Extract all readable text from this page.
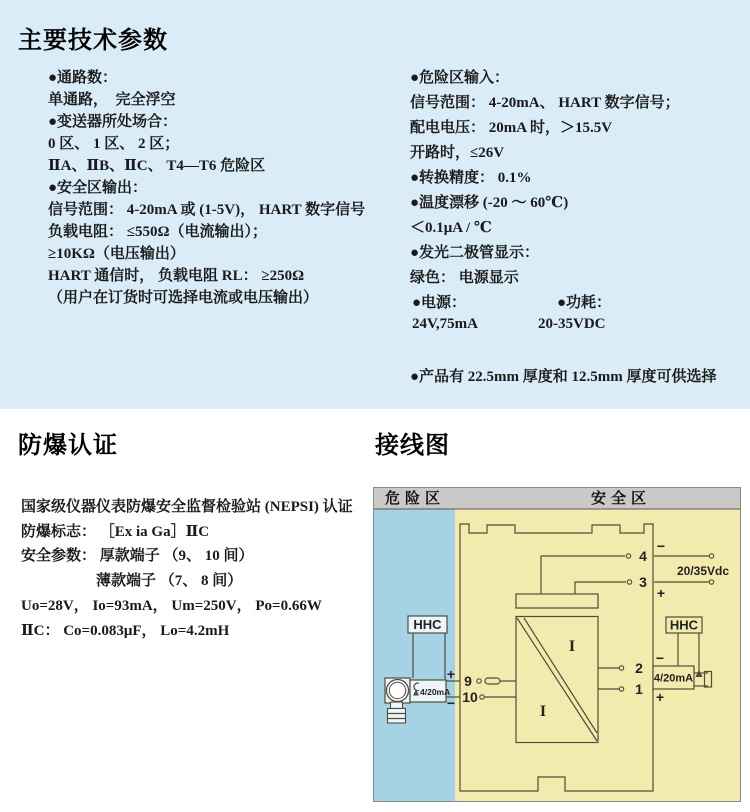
主要技术参数
●通路数：
单通路，  完全浮空
●变送器所处场合：
0 区、 1 区、 2 区；
ⅡA、ⅡB、ⅡC、 T4—T6 危险区
●安全区输出：
信号范围： 4-20mA 或 (1-5V)， HART 数字信号
负载电阻： ≤550Ω（电流输出）；
≥10KΩ（电压输出）
HART 通信时， 负载电阻 RL： ≥250Ω
（用户在订货时可选择电流或电压输出）
●危险区输入：
信号范围： 4-20mA、 HART 数字信号；
配电电压： 20mA 时，＞15.5V
开路时，≤26V
●转换精度： 0.1%
●温度漂移 (-20 ～ 60℃)
＜0.1μA / ℃
●发光二极管显示：
绿色： 电源显示
●电源：	●功耗：
24V,75mA	20-35VDC
●产品有 22.5mm 厚度和 12.5mm 厚度可供选择
防爆认证	接线图
国家级仪器仪表防爆安全监督检验站 (NEPSI) 认证
防爆标志： ［Ex ia Ga］ⅡC
安全参数： 厚款端子 （9、 10 间）
　　　　　薄款端子 （7、 8 间）
Uo=28V， Io=93mA， Um=250V， Po=0.66W
ⅡC： Co=0.083μF， Lo=4.2mH
危险区	安全区
I
I
4
3
−
+
20/35Vdc
2
1
9
10
+
−
HHC
4/20mA
HHC
4/20mA
−
+
